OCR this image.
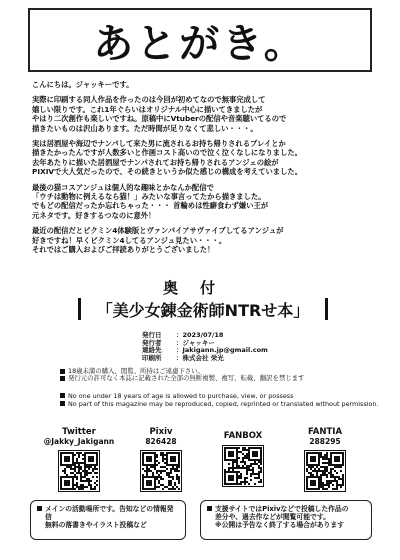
あとがき。

こんにちは。ジャッキーです。

実際に印刷する同人作品を作ったのは今回が初めてなので無事完成して
嬉しい限りです。これ1年ぐらいはオリジナル中心に描いてきましたが
やはり二次創作も楽しいですね。原稿中にVtuberの配信や音楽聴いてるので
描きたいものは沢山あります。ただ時間が足りなくて悲しい・・・。

実は居酒屋や海辺でナンパして来た男に流されるお持ち帰りされるプレイとか
描きたかったんですが人数多いと作画コスト高いので泣く泣くなしになりました。
去年あたりに描いた居酒屋でナンパされてお持ち帰りされるアンジェの絵が
PIXIVで大人気だったので、その続きというか似た感じの構成を考えていました。

最後の猫コスアンジュは個人的な趣味とかなんか配信で
「ウチは動物に例えるなら猫！」みたいな事言ってたから描きました。
でもどの配信だったか忘れちゃった・・・ 首輪めは性癖食わず嫌い王が
元ネタです。好きするつなのに意外！

最近の配信だとピクミン4体験版とヴァンパイアサヴァイブしてるアンジュが
好きですね！早くピクミン4してるアンジュ見たい・・・。
それではご購入およびご拝読ありがとうございました！

奥付
「美少女錬金術師NTRせ本」
発行日	：2023/07/18
発行者	：ジャッキー
連絡先	：Jakigann.jp@gmail.com
印刷所	：株式会社 栄光
18歳未満の購入、閲覧、所持はご遠慮下さい。
発行元の許可なく本誌に記載された全部の無断複製、複写、転載、翻訳を禁じます
No one under 18 years of age is allowed to purchase, view, or possess
No part of this magazine may be reproduced, copied, reprinted or translated without permission.
Twitter
@Jakky_Jakigann
Pixiv
826428
FANBOX	FANTIA
288295
メインの活動場所です。告知などの情報発信
無料の落書きやイラスト投稿など
支援サイトではPixivなどで投稿した作品の
差分や、過去作などが閲覧可能です。
※公開は予告なく終了する場合があります
